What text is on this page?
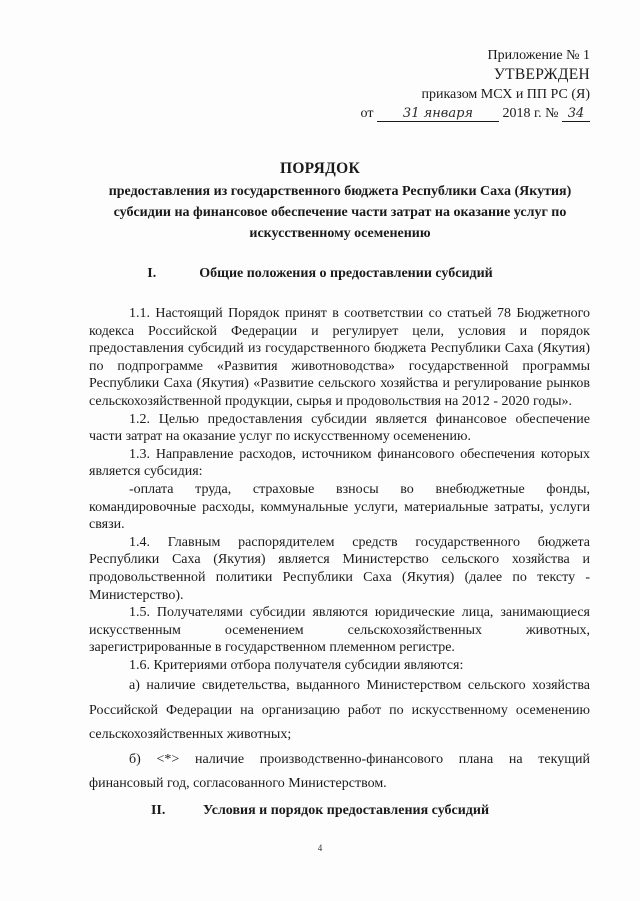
Приложение № 1
УТВЕРЖДЕН
приказом МСХ и ПП РС (Я)
от 31 января 2018 г. № 34
ПОРЯДОК
предоставления из государственного бюджета Республики Саха (Якутия)
субсидии на финансовое обеспечение части затрат на оказание услуг по
искусственному осеменению
I.	Общие положения о предоставлении субсидий

1.1. Настоящий Порядок принят в соответствии со статьей 78 Бюджетного кодекса Российской Федерации и регулирует цели, условия и порядок предоставления субсидий из государственного бюджета Республики Саха (Якутия) по подпрограмме «Развития животноводства» государственной программы Республики Саха (Якутия) «Развитие сельского хозяйства и регулирование рынков сельскохозяйственной продукции, сырья и продовольствия на 2012 - 2020 годы».

1.2. Целью предоставления субсидии является финансовое обеспечение части затрат на оказание услуг по искусственному осеменению.

1.3. Направление расходов, источником финансового обеспечения которых является субсидия:

-оплата труда, страховые взносы во внебюджетные фонды, командировочные расходы, коммунальные услуги, материальные затраты, услуги связи.

1.4. Главным распорядителем средств государственного бюджета Республики Саха (Якутия) является Министерство сельского хозяйства и продовольственной политики Республики Саха (Якутия) (далее по тексту - Министерство).

1.5. Получателями субсидии являются юридические лица, занимающиеся искусственным осеменением сельскохозяйственных животных, зарегистрированные в государственном племенном регистре.

1.6. Критериями отбора получателя субсидии являются:

а) наличие свидетельства, выданного Министерством сельского хозяйства Российской Федерации на организацию работ по искусственному осеменению сельскохозяйственных животных;

б) <*> наличие производственно-финансового плана на текущий финансовый год, согласованного Министерством.

II.	Условия и порядок предоставления субсидий
4
